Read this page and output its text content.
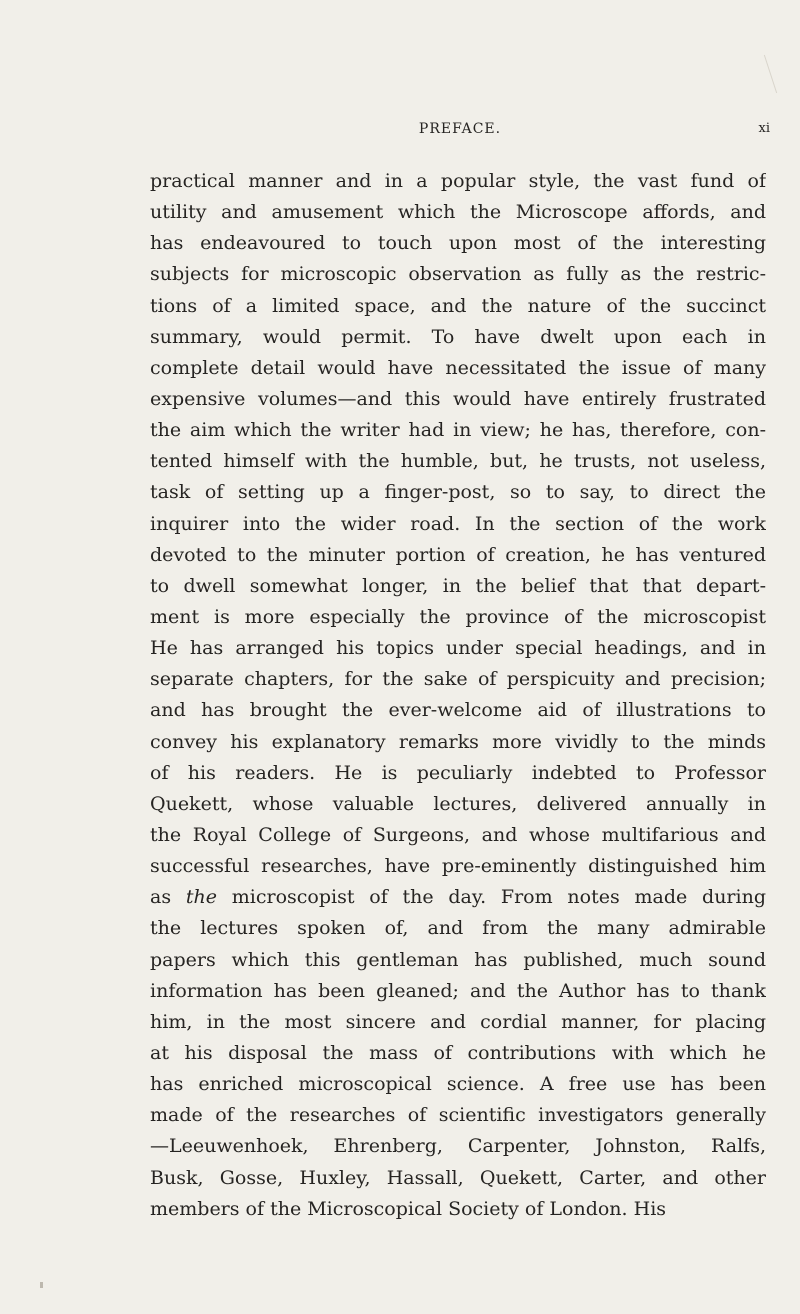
PREFACE.	xi
practical manner and in a popular style, the vast fund of
utility and amusement which the Microscope affords, and
has endeavoured to touch upon most of the interesting
subjects for microscopic observation as fully as the restric-
tions of a limited space, and the nature of the succinct
summary, would permit. To have dwelt upon each in
complete detail would have necessitated the issue of many
expensive volumes—and this would have entirely frustrated
the aim which the writer had in view; he has, therefore, con-
tented himself with the humble, but, he trusts, not useless,
task of setting up a finger-post, so to say, to direct the
inquirer into the wider road. In the section of the work
devoted to the minuter portion of creation, he has ventured
to dwell somewhat longer, in the belief that that depart-
ment is more especially the province of the microscopist
He has arranged his topics under special headings, and in
separate chapters, for the sake of perspicuity and precision;
and has brought the ever-welcome aid of illustrations to
convey his explanatory remarks more vividly to the minds
of his readers. He is peculiarly indebted to Professor
Quekett, whose valuable lectures, delivered annually in
the Royal College of Surgeons, and whose multifarious and
successful researches, have pre-eminently distinguished him
as the microscopist of the day. From notes made during
the lectures spoken of, and from the many admirable
papers which this gentleman has published, much sound
information has been gleaned; and the Author has to thank
him, in the most sincere and cordial manner, for placing
at his disposal the mass of contributions with which he
has enriched microscopical science. A free use has been
made of the researches of scientific investigators generally
—Leeuwenhoek, Ehrenberg, Carpenter, Johnston, Ralfs,
Busk, Gosse, Huxley, Hassall, Quekett, Carter, and other
members of the Microscopical Society of London. His
